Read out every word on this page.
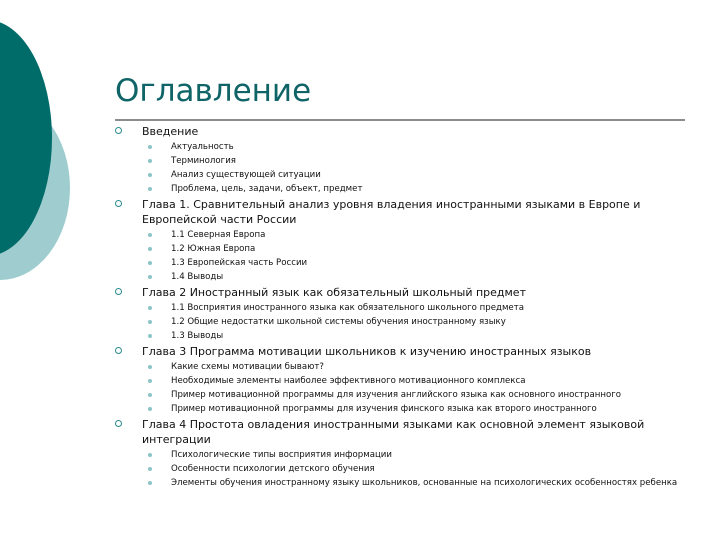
Оглавление
Введение
Актуальность
Терминология
Анализ существующей ситуации
Проблема, цель, задачи, объект, предмет
Глава 1. Сравнительный анализ уровня владения иностранными языками в Европе и Европейской части России
1.1 Северная Европа
1.2 Южная Европа
1.3 Европейская часть России
1.4 Выводы
Глава 2 Иностранный язык как обязательный школьный предмет
1.1 Восприятия иностранного языка как обязательного школьного предмета
1.2 Общие недостатки школьной системы обучения иностранному языку
1.3 Выводы
Глава 3 Программа мотивации школьников к изучению иностранных языков
Какие схемы мотивации бывают?
Необходимые элементы наиболее эффективного мотивационного комплекса
Пример мотивационной программы для изучения английского языка как основного иностранного
Пример мотивационной программы для изучения финского языка как второго иностранного
Глава 4 Простота овладения иностранными языками как основной элемент языковой интеграции
Психологические типы восприятия информации
Особенности психологии детского обучения
Элементы обучения иностранному языку школьников, основанные на психологических особенностях ребенка
